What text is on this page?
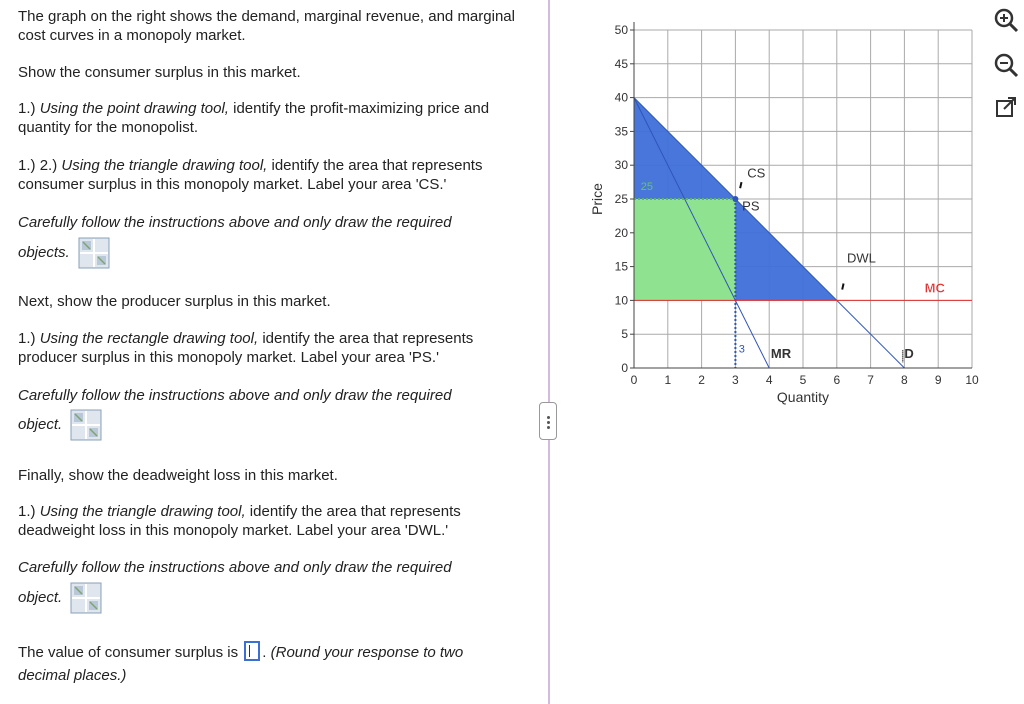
The graph on the right shows the demand, marginal revenue, and marginal cost curves in a monopoly market.

Show the consumer surplus in this market.

1.) Using the point drawing tool, identify the profit-maximizing price and quantity for the monopolist.

1.) 2.) Using the triangle drawing tool, identify the area that represents consumer surplus in this monopoly market. Label your area 'CS.'

Carefully follow the instructions above and only draw the required

objects.

Next, show the producer surplus in this market.

1.) Using the rectangle drawing tool, identify the area that represents producer surplus in this monopoly market. Label your area 'PS.'

Carefully follow the instructions above and only draw the required

object.

Finally, show the deadweight loss in this market.

1.) Using the triangle drawing tool, identify the area that represents deadweight loss in this monopoly market. Label your area 'DWL.'

Carefully follow the instructions above and only draw the required

object.

The value of consumer surplus is . (Round your response to two decimal places.)

0 1 2 3 4 5 6 7 8 9 10
0
5
10
15
20
25
30
35
40
45
50
Quantity
Price
CS
PS
DWL
MC
MR	D
25
3
